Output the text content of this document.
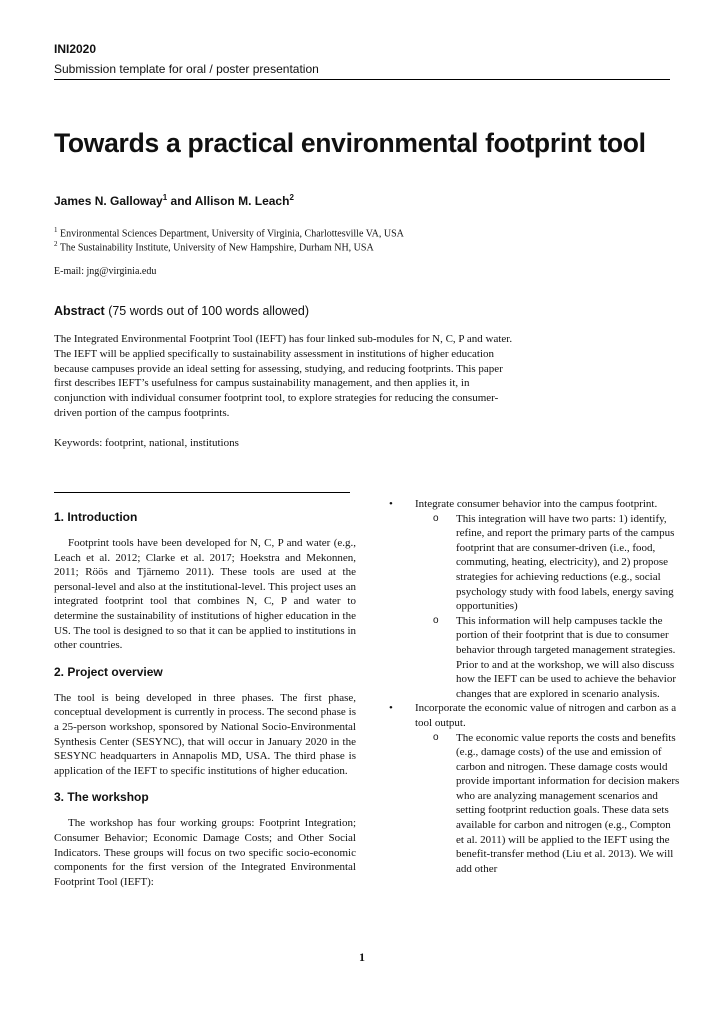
INI2020
Submission template for oral / poster presentation
Towards a practical environmental footprint tool
James N. Galloway$^1$ and Allison M. Leach$^2$
$^1$ Environmental Sciences Department, University of Virginia, Charlottesville VA, USA
$^2$ The Sustainability Institute, University of New Hampshire, Durham NH, USA
E-mail: jng@virginia.edu
Abstract (75 words out of 100 words allowed)
The Integrated Environmental Footprint Tool (IEFT) has four linked sub-modules for N, C, P and water. The IEFT will be applied specifically to sustainability assessment in institutions of higher education because campuses provide an ideal setting for assessing, studying, and reducing footprints. This paper first describes IEFT’s usefulness for campus sustainability management, and then applies it, in conjunction with individual consumer footprint tool, to explore strategies for reducing the consumer-driven portion of the campus footprints.
Keywords: footprint, national, institutions
1. Introduction

Footprint tools have been developed for N, C, P and water (e.g., Leach et al. 2012; Clarke et al. 2017; Hoekstra and Mekonnen, 2011; Röös and Tjärnemo 2011). These tools are used at the personal-level and also at the institutional-level. This project uses an integrated footprint tool that combines N, C, P and water to determine the sustainability of institutions of higher education in the US. The tool is designed to so that it can be applied to institutions in other countries.

2. Project overview

The tool is being developed in three phases. The first phase, conceptual development is currently in process. The second phase is a 25-person workshop, sponsored by National Socio-Environmental Synthesis Center (SESYNC), that will occur in January 2020 in the SESYNC headquarters in Annapolis MD, USA. The third phase is application of the IEFT to specific institutions of higher education.

3. The workshop

The workshop has four working groups: Footprint Integration; Consumer Behavior; Economic Damage Costs; and Other Social Indicators. These groups will focus on two specific socio-economic components for the first version of the Integrated Environmental Footprint Tool (IEFT):

• Integrate consumer behavior into the campus footprint.
o This integration will have two parts: 1) identify, refine, and report the primary parts of the campus footprint that are consumer-driven (i.e., food, commuting, heating, electricity), and 2) propose strategies for achieving reductions (e.g., social psychology study with food labels, energy saving opportunities)
o This information will help campuses tackle the portion of their footprint that is due to consumer behavior through targeted management strategies. Prior to and at the workshop, we will also discuss how the IEFT can be used to achieve the behavior changes that are explored in scenario analysis.
• Incorporate the economic value of nitrogen and carbon as a tool output.
o The economic value reports the costs and benefits (e.g., damage costs) of the use and emission of carbon and nitrogen. These damage costs would provide important information for decision makers who are analyzing management scenarios and setting footprint reduction goals. These data sets available for carbon and nitrogen (e.g., Compton et al. 2011) will be applied to the IEFT using the benefit-transfer method (Liu et al. 2013). We will add other
1
